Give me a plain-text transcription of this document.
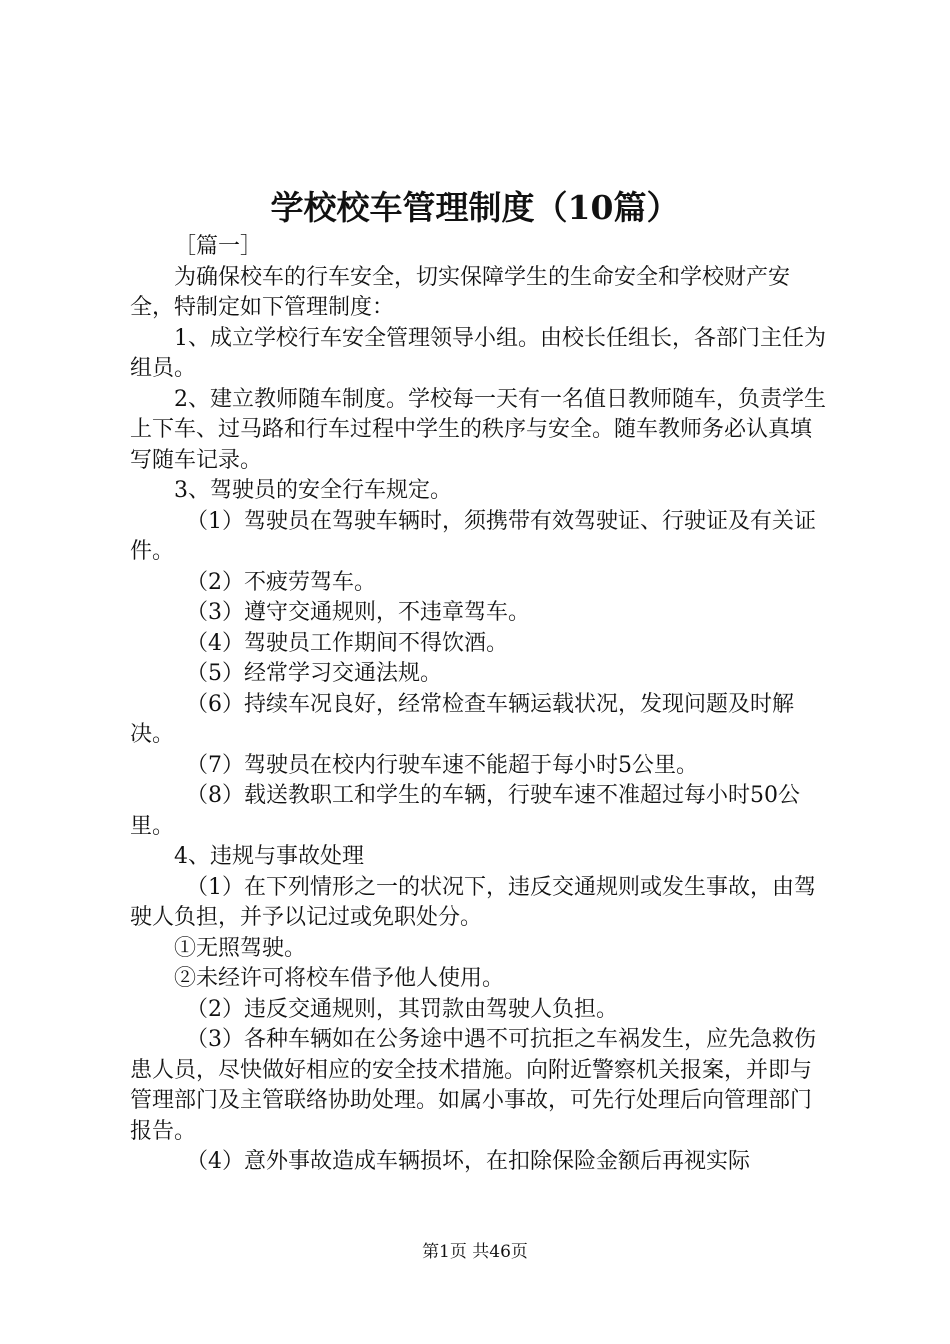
学校校车管理制度（10篇）

［篇一］

为确保校车的行车安全，切实保障学生的生命安全和学校财产安全，特制定如下管理制度：

1、成立学校行车安全管理领导小组。由校长任组长，各部门主任为组员。

2、建立教师随车制度。学校每一天有一名值日教师随车，负责学生上下车、过马路和行车过程中学生的秩序与安全。随车教师务必认真填写随车记录。

3、驾驶员的安全行车规定。

（1）驾驶员在驾驶车辆时，须携带有效驾驶证、行驶证及有关证件。

（2）不疲劳驾车。

（3）遵守交通规则，不违章驾车。

（4）驾驶员工作期间不得饮酒。

（5）经常学习交通法规。

（6）持续车况良好，经常检查车辆运载状况，发现问题及时解决。

（7）驾驶员在校内行驶车速不能超于每小时5公里。

（8）载送教职工和学生的车辆，行驶车速不准超过每小时50公里。

4、违规与事故处理

（1）在下列情形之一的状况下，违反交通规则或发生事故，由驾驶人负担，并予以记过或免职处分。

①无照驾驶。

②未经许可将校车借予他人使用。

（2）违反交通规则，其罚款由驾驶人负担。

（3）各种车辆如在公务途中遇不可抗拒之车祸发生，应先急救伤患人员，尽快做好相应的安全技术措施。向附近警察机关报案，并即与管理部门及主管联络协助处理。如属小事故，可先行处理后向管理部门报告。

（4）意外事故造成车辆损坏，在扣除保险金额后再视实际

第1页 共46页
